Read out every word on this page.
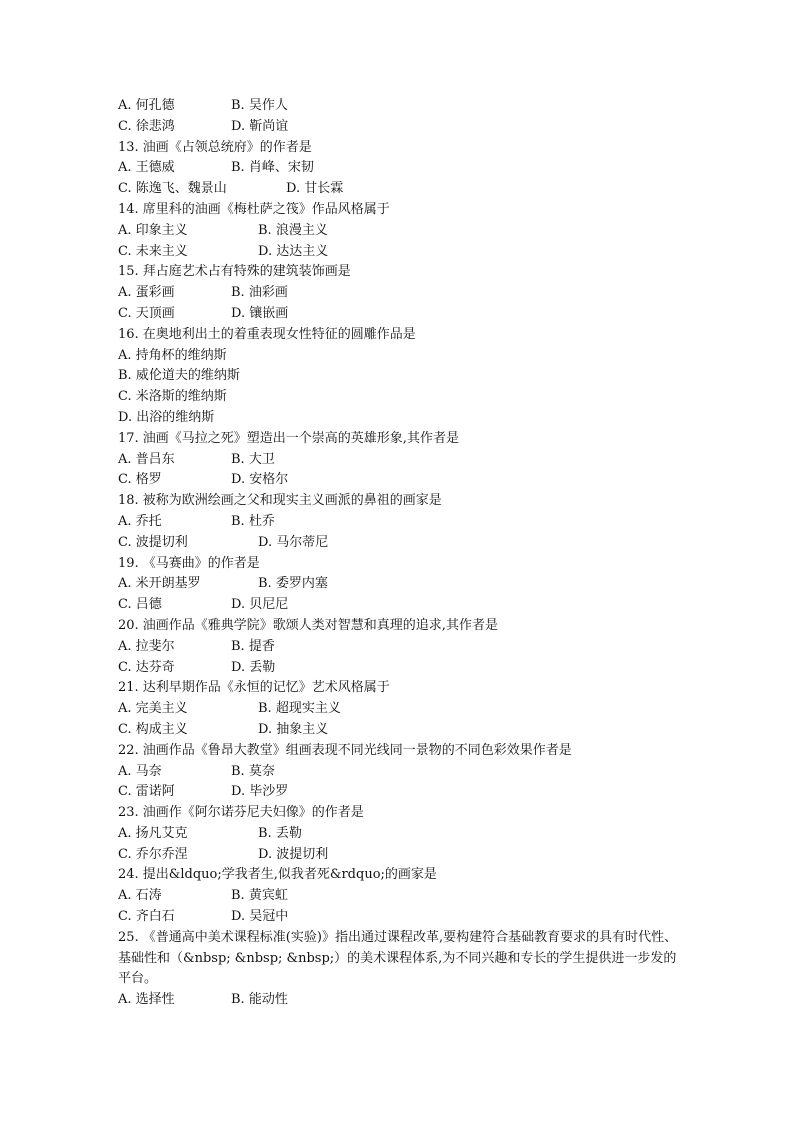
A. 何孔德	B. 吴作人
C. 徐悲鸿	D. 靳尚谊
13. 油画《占领总统府》的作者是
A. 王德威	B. 肖峰、宋韧
C. 陈逸飞、魏景山	D. 甘长霖
14. 席里科的油画《梅杜萨之筏》作品风格属于
A. 印象主义	B. 浪漫主义
C. 未来主义	D. 达达主义
15. 拜占庭艺术占有特殊的建筑装饰画是
A. 蛋彩画	B. 油彩画
C. 天顶画	D. 镶嵌画
16. 在奥地利出土的着重表现女性特征的圆雕作品是
A. 持角杯的维纳斯
B. 威伦道夫的维纳斯
C. 米洛斯的维纳斯
D. 出浴的维纳斯
17. 油画《马拉之死》塑造出一个崇高的英雄形象,其作者是
A. 普吕东	B. 大卫
C. 格罗	D. 安格尔
18. 被称为欧洲绘画之父和现实主义画派的鼻祖的画家是
A. 乔托	B. 杜乔
C. 波提切利	D. 马尔蒂尼
19. 《马赛曲》的作者是
A. 米开朗基罗	B. 委罗内塞
C. 吕德	D. 贝尼尼
20. 油画作品《雅典学院》歌颂人类对智慧和真理的追求,其作者是
A. 拉斐尔	B. 提香
C. 达芬奇	D. 丢勒
21. 达利早期作品《永恒的记忆》艺术风格属于
A. 完美主义	B. 超现实主义
C. 构成主义	D. 抽象主义
22. 油画作品《鲁昂大教堂》组画表现不同光线同一景物的不同色彩效果作者是
A. 马奈	B. 莫奈
C. 雷诺阿	D. 毕沙罗
23. 油画作《阿尔诺芬尼夫妇像》的作者是
A. 扬凡艾克	B. 丢勒
C. 乔尔乔涅	D. 波提切利
24. 提出&ldquo;学我者生,似我者死&rdquo;的画家是
A. 石涛	B. 黄宾虹
C. 齐白石	D. 吴冠中
25. 《普通高中美术课程标准(实验)》指出通过课程改革,要构建符合基础教育要求的具有时代性、基础性和（&nbsp; &nbsp; &nbsp;）的美术课程体系,为不同兴趣和专长的学生提供进一步发的平台。
A. 选择性	B. 能动性
